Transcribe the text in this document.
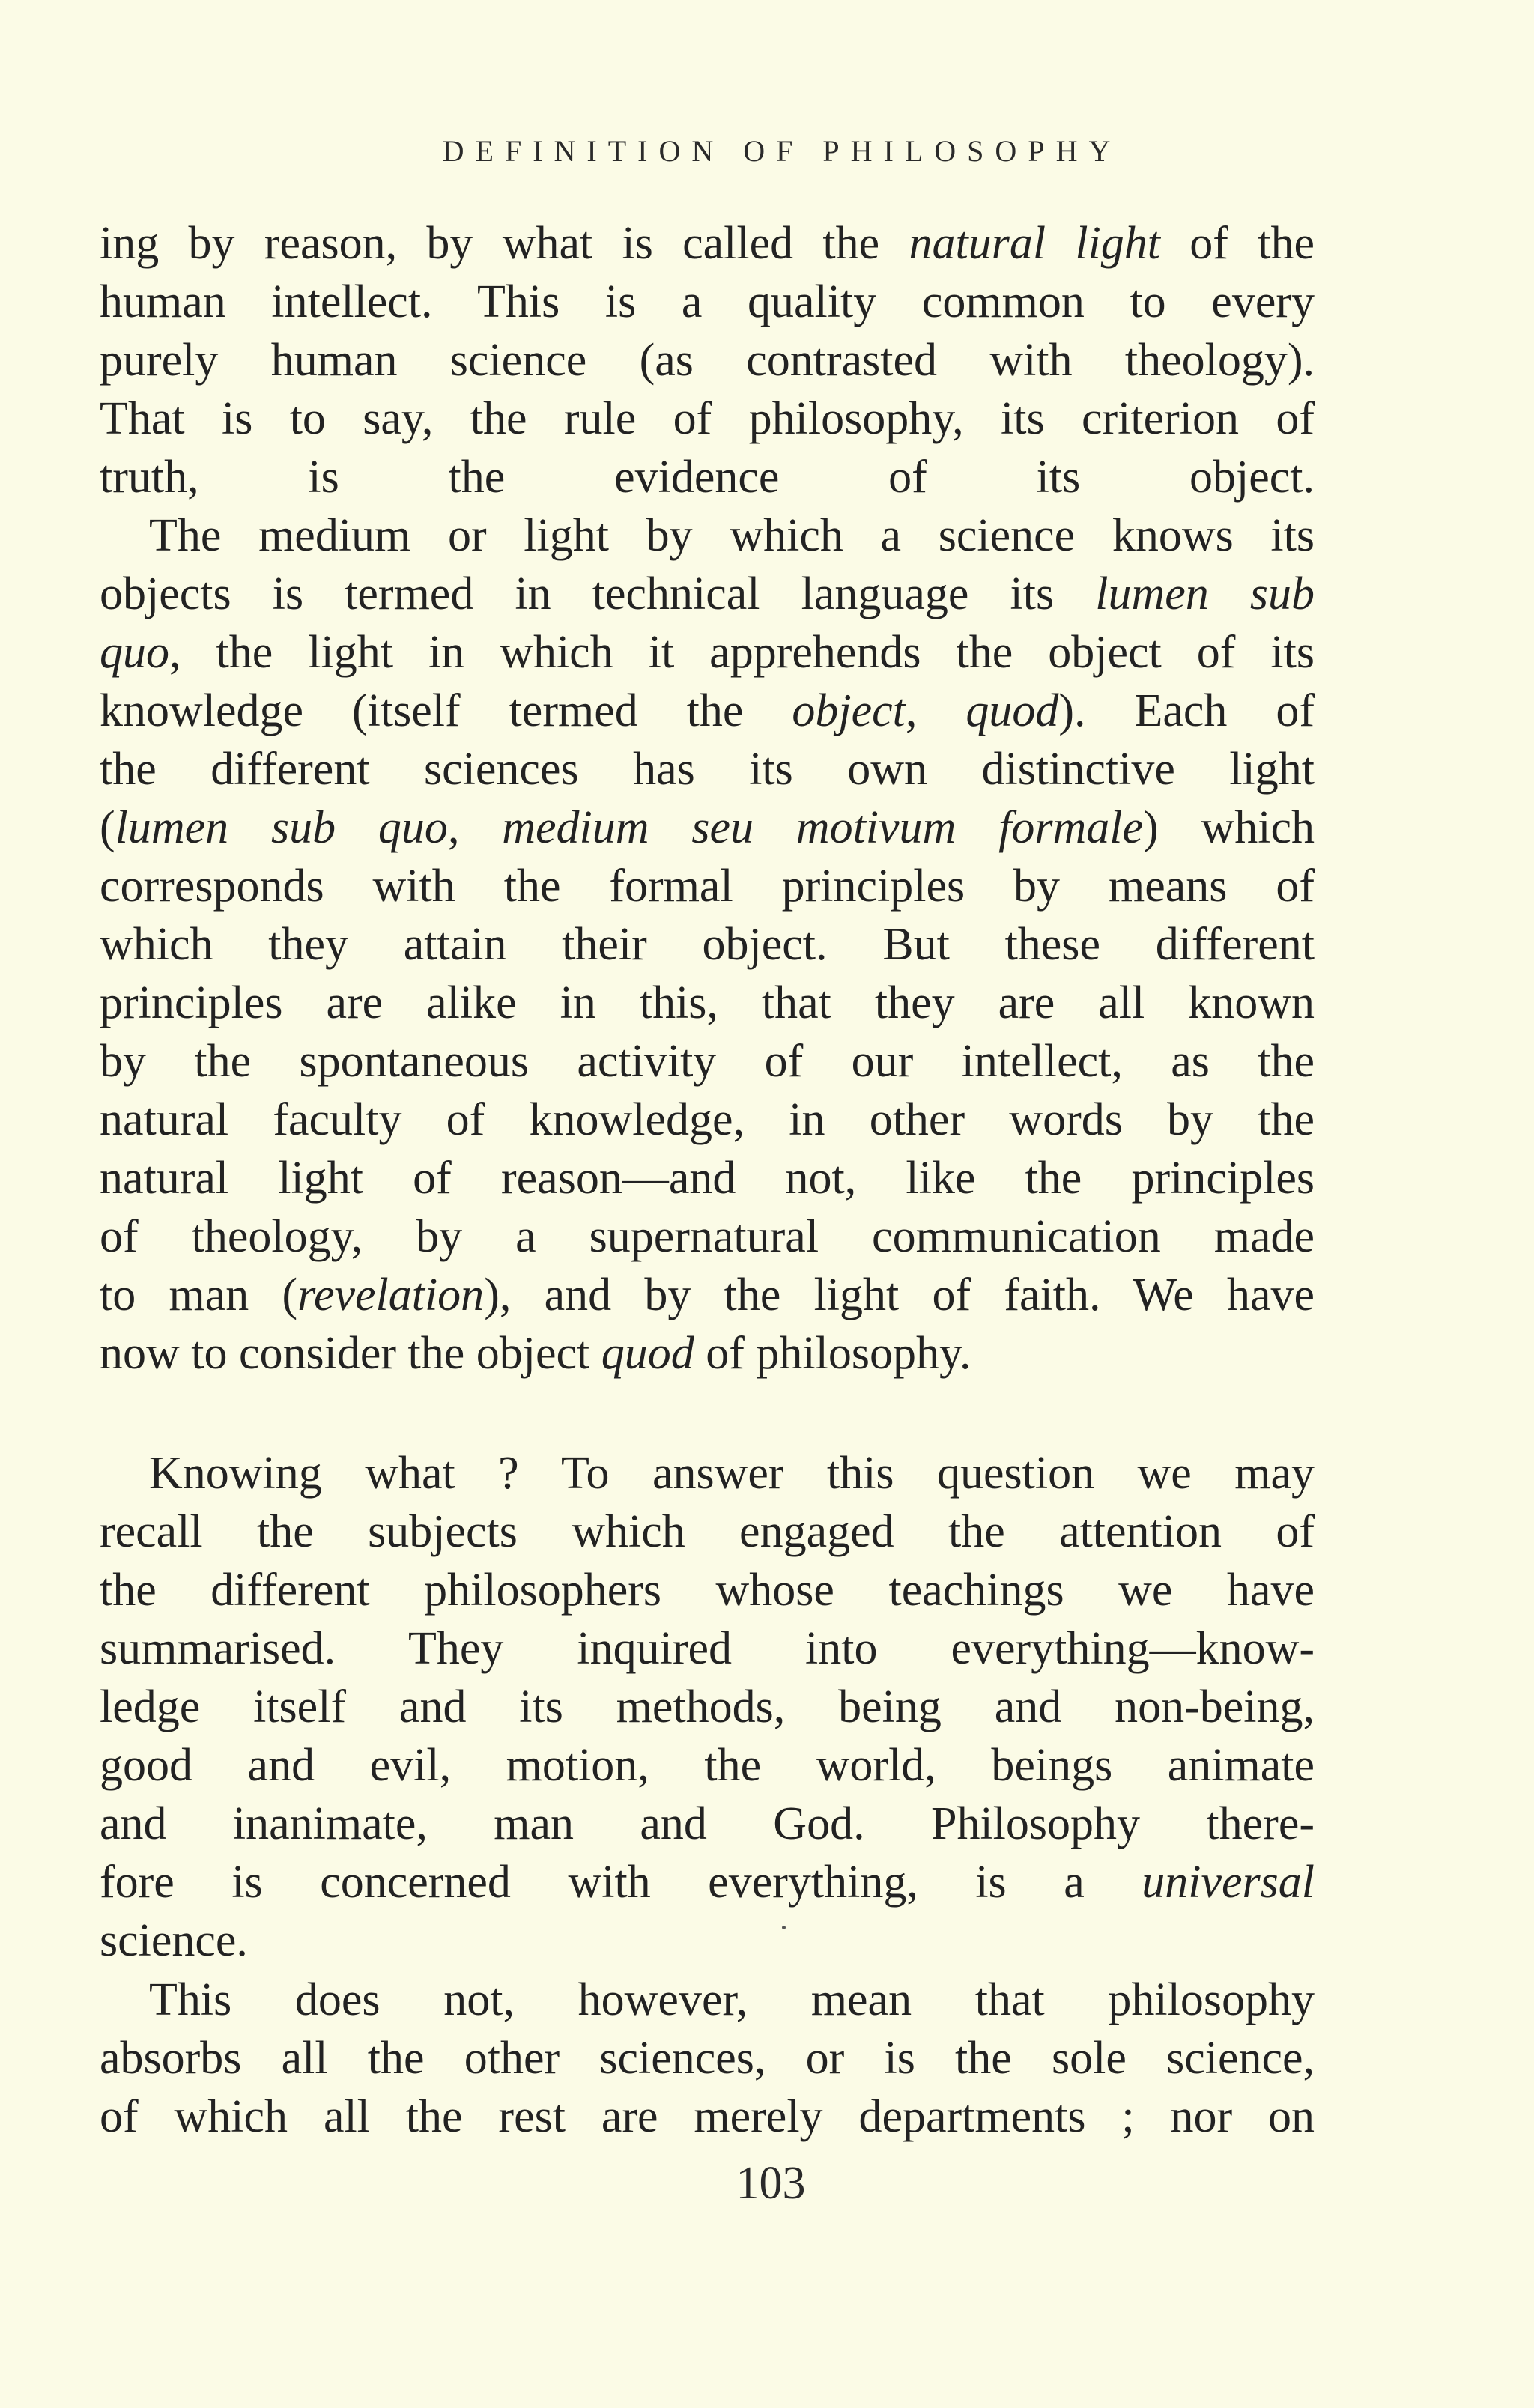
DEFINITION OF PHILOSOPHY
ing by reason, by what is called the natural light of the
human intellect. This is a quality common to every
purely human science (as contrasted with theology).
That is to say, the rule of philosophy, its criterion of
truth, is the evidence of its object.
The medium or light by which a science knows its
objects is termed in technical language its lumen sub
quo, the light in which it apprehends the object of its
knowledge (itself termed the object, quod). Each of
the different sciences has its own distinctive light
(lumen sub quo, medium seu motivum formale) which
corresponds with the formal principles by means of
which they attain their object. But these different
principles are alike in this, that they are all known
by the spontaneous activity of our intellect, as the
natural faculty of knowledge, in other words by the
natural light of reason—and not, like the principles
of theology, by a supernatural communication made
to man (revelation), and by the light of faith. We have
now to consider the object quod of philosophy.
Knowing what ? To answer this question we may
recall the subjects which engaged the attention of
the different philosophers whose teachings we have
summarised. They inquired into everything—know-
ledge itself and its methods, being and non-being,
good and evil, motion, the world, beings animate
and inanimate, man and God. Philosophy there-
fore is concerned with everything, is a universal
science.
This does not, however, mean that philosophy
absorbs all the other sciences, or is the sole science,
of which all the rest are merely departments ; nor on
103
